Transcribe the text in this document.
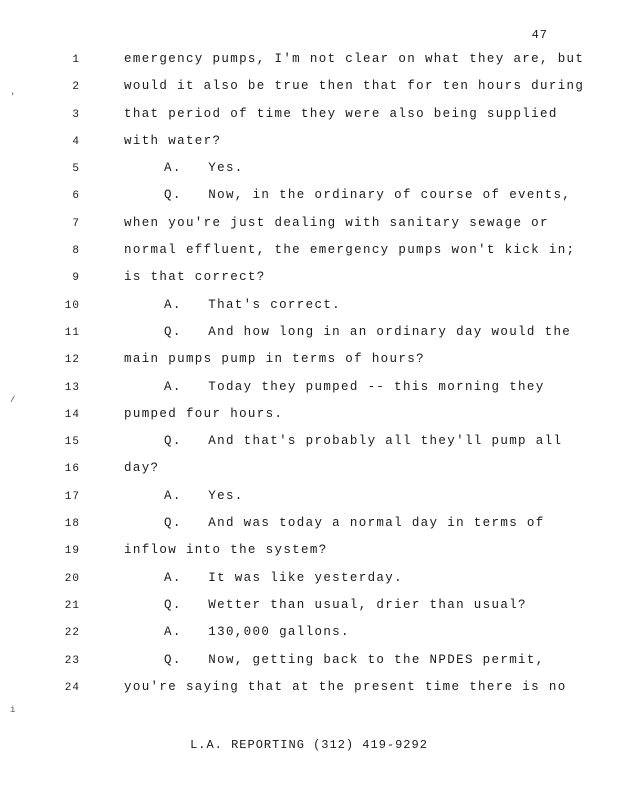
47
'
/
i
1	emergency pumps, I'm not clear on what they are, but
2	would it also be true then that for ten hours during
3	that period of time they were also being supplied
4	with water?
5	A.   Yes.
6	Q.   Now, in the ordinary of course of events,
7	when you're just dealing with sanitary sewage or
8	normal effluent, the emergency pumps won't kick in;
9	is that correct?
10	A.   That's correct.
11	Q.   And how long in an ordinary day would the
12	main pumps pump in terms of hours?
13	A.   Today they pumped -- this morning they
14	pumped four hours.
15	Q.   And that's probably all they'll pump all
16	day?
17	A.   Yes.
18	Q.   And was today a normal day in terms of
19	inflow into the system?
20	A.   It was like yesterday.
21	Q.   Wetter than usual, drier than usual?
22	A.   130,000 gallons.
23	Q.   Now, getting back to the NPDES permit,
24	you're saying that at the present time there is no
L.A. REPORTING (312) 419-9292
